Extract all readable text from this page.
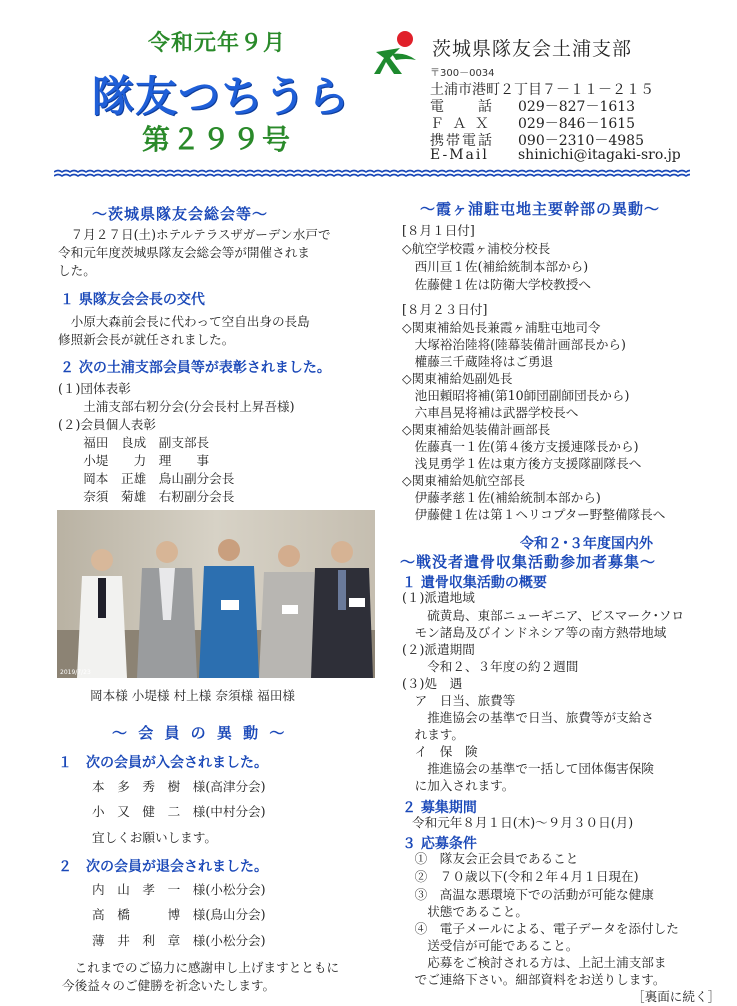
令和元年９月
隊友つちうら
第２９９号
茨城県隊友会土浦支部
〒300－0034
土浦市港町２丁目７－１１－２１５
電　　話 029－827－1613
Ｆ Ａ Ｘ 029－846－1615
携帯電話 090－2310－4985
E-Mail shinichi@itagaki-sro.jp
～茨城県隊友会総会等～
　７月２７日(土)ホテルテラスザガーデン水戸で
令和元年度茨城県隊友会総会等が開催されま
した。
１ 県隊友会会長の交代
　小原大森前会長に代わって空自出身の長島
修照新会長が就任されました。
２ 次の土浦支部会員等が表彰されました。
(１)団体表彰
　　土浦支部右籾分会(分会長村上昇吾様)
(２)会員個人表彰
　　福田　良成　副支部長
　　小堤　　力　理　　事
　　岡本　正雄　鳥山副分会長
　　奈須　菊雄　右籾副分会長
2019/7/23
岡本様 小堤様 村上様 奈須様 福田様
～ 会 員 の 異 動 ～
１　次の会員が入会されました。
本　多　秀　樹　様(高津分会)
小　又　健　二　様(中村分会)
宜しくお願いします。
２　次の会員が退会されました。
内　山　孝　一　様(小松分会)
高　橋　　　博　様(鳥山分会)
薄　井　利　章　様(小松分会)
　これまでのご協力に感謝申し上げますとともに
今後益々のご健勝を祈念いたします。
～霞ヶ浦駐屯地主要幹部の異動～
[８月１日付]
◇航空学校霞ヶ浦校分校長
　西川亘１佐(補給統制本部から)
　佐藤健１佐は防衛大学校教授へ
[８月２３日付]
◇関東補給処長兼霞ヶ浦駐屯地司令
　大塚裕治陸将(陸幕装備計画部長から)
　權藤三千蔵陸将はご勇退
◇関東補給処副処長
　池田頼昭将補(第10師団副師団長から)
　六車昌晃将補は武器学校長へ
◇関東補給処装備計画部長
　佐藤真一１佐(第４後方支援連隊長から)
　浅見勇学１佐は東方後方支援隊副隊長へ
◇関東補給処航空部長
　伊藤孝慈１佐(補給統制本部から)
　伊藤健１佐は第１ヘリコプター野整備隊長へ
令和２･３年度国内外
～戦没者遺骨収集活動参加者募集～
１ 遺骨収集活動の概要
(１)派遣地域
　　硫黄島、東部ニューギニア、ビスマーク･ソロ
　モン諸島及びインドネシア等の南方熱帯地域
(２)派遣期間
　　令和２、３年度の約２週間
(３)処　遇
　ア　日当、旅費等
　　推進協会の基準で日当、旅費等が支給さ
　れます。
　イ　保　険
　　推進協会の基準で一括して団体傷害保険
　に加入されます。
２ 募集期間
令和元年８月１日(木)～９月３０日(月)
３ 応募条件
　①　隊友会正会員であること
　②　７０歳以下(令和２年４月１日現在)
　③　高温な悪環境下での活動が可能な健康
　　状態であること。
　④　電子メールによる、電子データを添付した
　　送受信が可能であること。
　　応募をご検討される方は、上記土浦支部ま
　でご連絡下さい。細部資料をお送りします。
［裏面に続く］
